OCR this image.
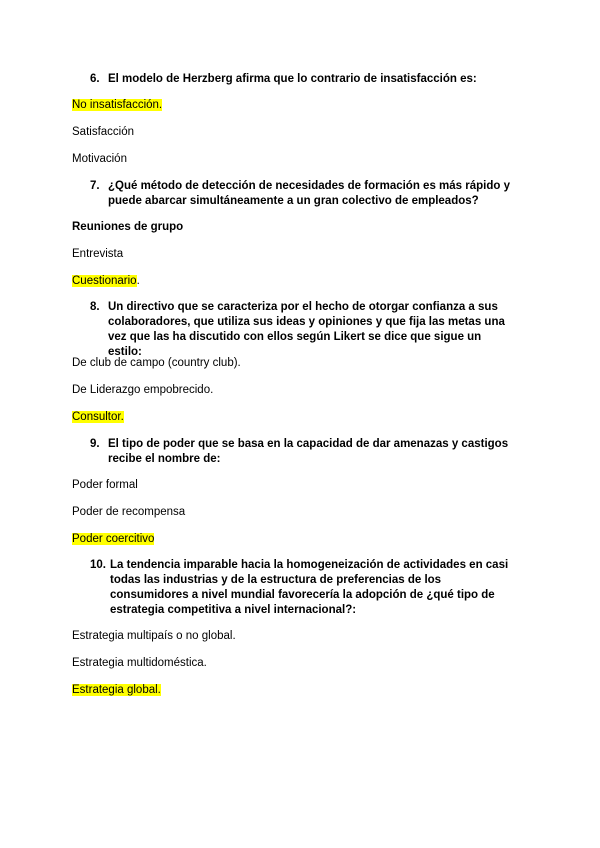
6. El modelo de Herzberg afirma que lo contrario de insatisfacción es:
No insatisfacción.
Satisfacción
Motivación
7. ¿Qué método de detección de necesidades de formación es más rápido y puede abarcar simultáneamente a un gran colectivo de empleados?
Reuniones de grupo
Entrevista
Cuestionario.
8. Un directivo que se caracteriza por el hecho de otorgar confianza a sus colaboradores, que utiliza sus ideas y opiniones y que fija las metas una vez que las ha discutido con ellos según Likert se dice que sigue un estilo:
De club de campo (country club).
De Liderazgo empobrecido.
Consultor.
9. El tipo de poder que se basa en la capacidad de dar amenazas y castigos recibe el nombre de:
Poder formal
Poder de recompensa
Poder coercitivo
10. La tendencia imparable hacia la homogeneización de actividades en casi todas las industrias y de la estructura de preferencias de los consumidores a nivel mundial favorecería la adopción de ¿qué tipo de estrategia competitiva a nivel internacional?:
Estrategia multipaís o no global.
Estrategia multidoméstica.
Estrategia global.
